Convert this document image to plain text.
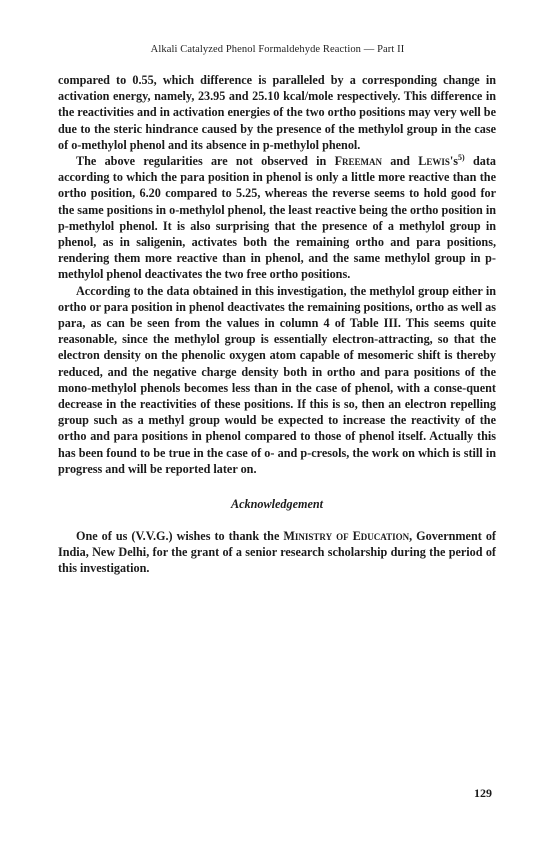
Alkali Catalyzed Phenol Formaldehyde Reaction — Part II

compared to 0.55, which difference is paralleled by a corresponding change in activation energy, namely, 23.95 and 25.10 kcal/mole respectively. This difference in the reactivities and in activation energies of the two ortho positions may very well be due to the steric hindrance caused by the presence of the methylol group in the case of o-methylol phenol and its absence in p-methylol phenol.

The above regularities are not observed in Freeman and $Lewis's^{5)}$ data according to which the para position in phenol is only a little more reactive than the ortho position, 6.20 compared to 5.25, whereas the reverse seems to hold good for the same positions in o-methylol phenol, the least reactive being the ortho position in p-methylol phenol. It is also surprising that the presence of a methylol group in phenol, as in saligenin, activates both the remaining ortho and para positions, rendering them more reactive than in phenol, and the same methylol group in p-methylol phenol deactivates the two free ortho positions.

According to the data obtained in this investigation, the methylol group either in ortho or para position in phenol deactivates the remaining positions, ortho as well as para, as can be seen from the values in column 4 of Table III. This seems quite reasonable, since the methylol group is essentially electron-attracting, so that the electron density on the phenolic oxygen atom capable of mesomeric shift is thereby reduced, and the negative charge density both in ortho and para positions of the mono-methylol phenols becomes less than in the case of phenol, with a conse-quent decrease in the reactivities of these positions. If this is so, then an electron repelling group such as a methyl group would be expected to increase the reactivity of the ortho and para positions in phenol compared to those of phenol itself. Actually this has been found to be true in the case of o- and p-cresols, the work on which is still in progress and will be reported later on.

Acknowledgement

One of us (V.V.G.) wishes to thank the Ministry of Education, Government of India, New Delhi, for the grant of a senior research scholarship during the period of this investigation.

129
